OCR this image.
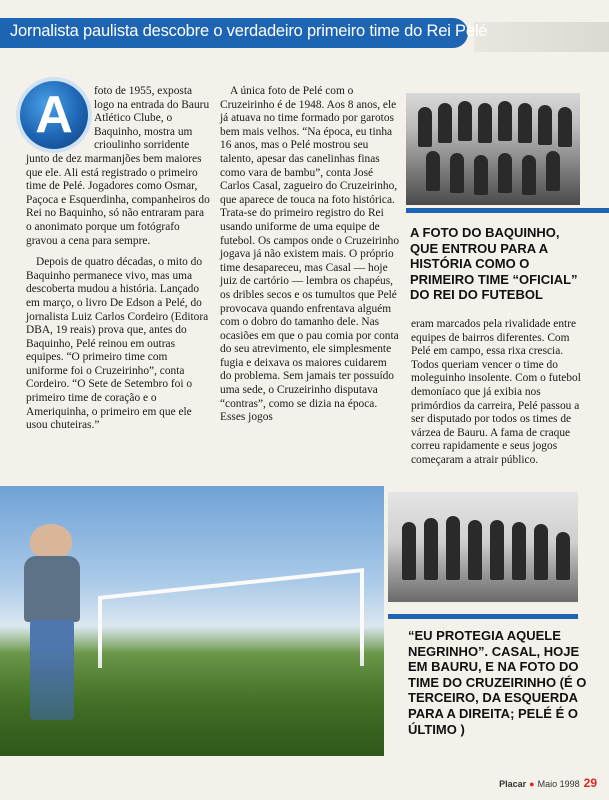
Jornalista paulista descobre o verdadeiro primeiro time do Rei Pelé

A	foto de 1955, exposta logo na entrada do Bauru Atlético Clube, o Baquinho, mostra um crioulinho sorridente junto de dez marmanjões bem maiores que ele. Ali está registrado o primeiro time de Pelé. Jogadores como Osmar, Paçoca e Esquerdinha, companheiros do Rei no Baquinho, só não entraram para o anonimato porque um fotógrafo gravou a cena para sempre.

Depois de quatro décadas, o mito do Baquinho permanece vivo, mas uma descoberta mudou a história. Lançado em março, o livro De Edson a Pelé, do jornalista Luiz Carlos Cordeiro (Editora DBA, 19 reais) prova que, antes do Baquinho, Pelé reinou em outras equipes. “O primeiro time com uniforme foi o Cruzeirinho”, conta Cordeiro. “O Sete de Setembro foi o primeiro time de coração e o Ameriquinha, o primeiro em que ele usou chuteiras.”

A única foto de Pelé com o Cruzeirinho é de 1948. Aos 8 anos, ele já atuava no time formado por garotos bem mais velhos. “Na época, eu tinha 16 anos, mas o Pelé mostrou seu talento, apesar das canelinhas finas como vara de bambu”, conta José Carlos Casal, zagueiro do Cruzeirinho, que aparece de touca na foto histórica. Trata-se do primeiro registro do Rei usando uniforme de uma equipe de futebol. Os campos onde o Cruzeirinho jogava já não existem mais. O próprio time desapareceu, mas Casal — hoje juiz de cartório — lembra os chapéus, os dribles secos e os tumultos que Pelé provocava quando enfrentava alguém com o dobro do tamanho dele. Nas ocasiões em que o pau comia por conta do seu atrevimento, ele simplesmente fugia e deixava os maiores cuidarem do problema. Sem jamais ter possuído uma sede, o Cruzeirinho disputava “contras”, como se dizia na época. Esses jogos

A FOTO DO BAQUINHO, QUE ENTROU PARA A HISTÓRIA COMO O PRIMEIRO TIME “OFICIAL” DO REI DO FUTEBOL

eram marcados pela rivalidade entre equipes de bairros diferentes. Com Pelé em campo, essa rixa crescia. Todos queriam vencer o time do moleguinho insolente. Com o futebol demoníaco que já exibia nos primórdios da carreira, Pelé passou a ser disputado por todos os times de várzea de Bauru. A fama de craque correu rapidamente e seus jogos começaram a atrair público.

“EU PROTEGIA AQUELE NEGRINHO”. CASAL, HOJE EM BAURU, E NA FOTO DO TIME DO CRUZEIRINHO (É O TERCEIRO, DA ESQUERDA PARA A DIREITA; PELÉ É O ÚLTIMO )
Placar ● Maio 1998 29
